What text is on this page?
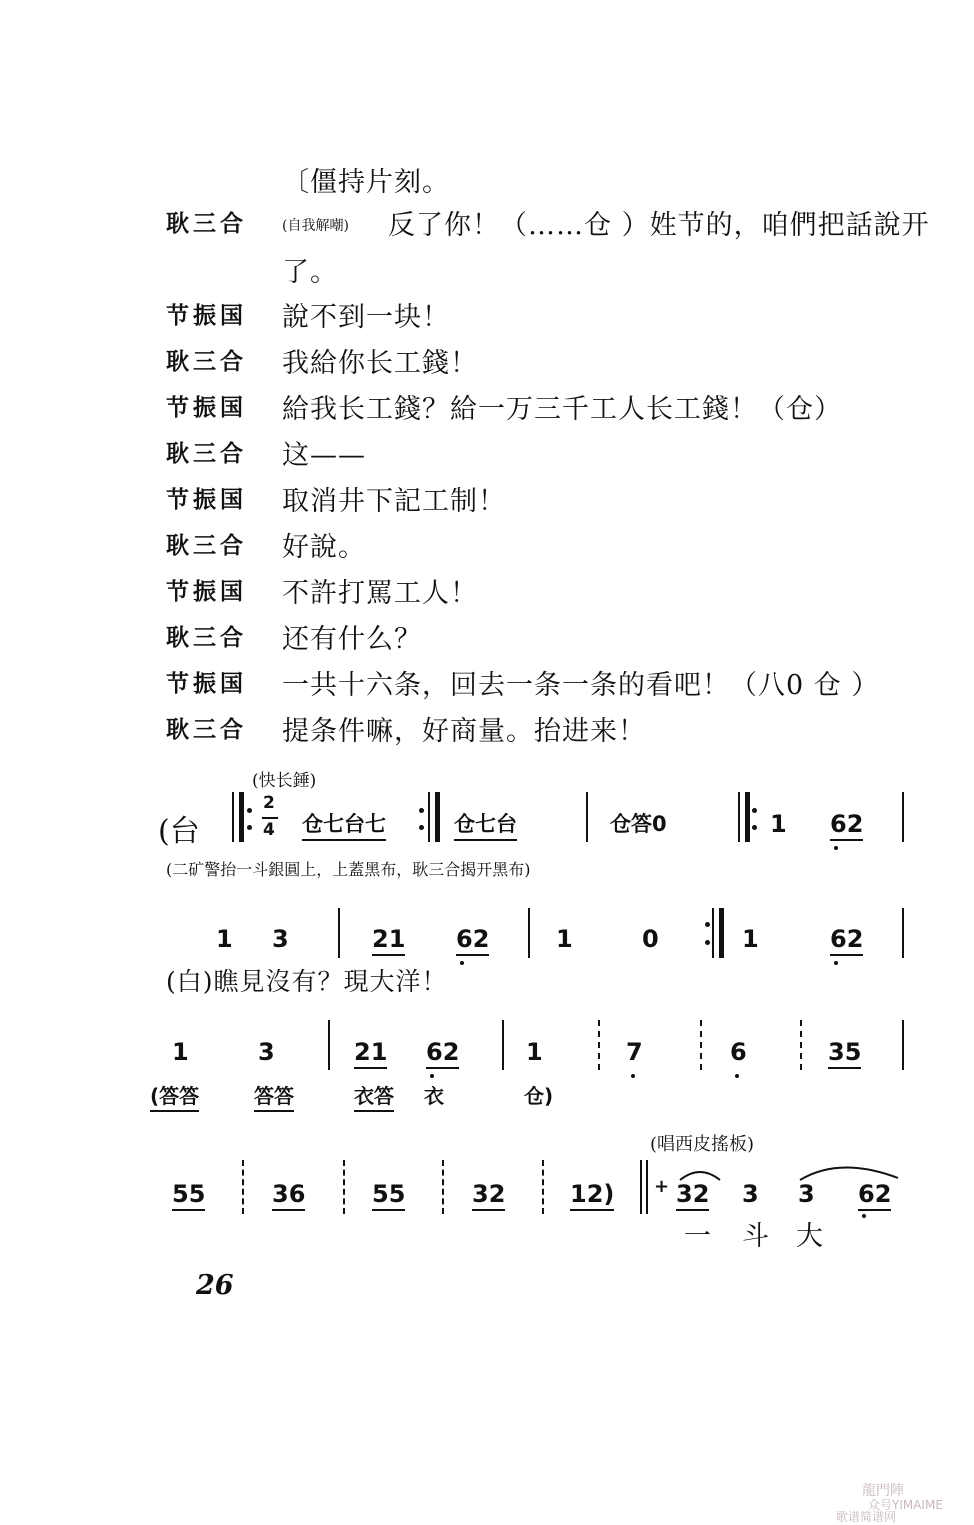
〔僵持片刻。
耿三合	(自我解嘲) 反了你！（……仓 ）姓节的，咱們把話說开
了。
节振国 說不到一块！
耿三合 我給你长工錢！
节振国 給我长工錢？給一万三千工人长工錢！（仓）
耿三合 这——
节振国 取消井下記工制！
耿三合 好說。
节振国 不許打罵工人！
耿三合 还有什么？
节振国 一共十六条，回去一条一条的看吧！（八0 仓 ）
耿三合 提条件嘛，好商量。抬进来！
(快长錘)
(台
2
4 仓七台七	仓七台	仓答0	1 62
(二矿警抬一斗銀圓上，上蓋黑布，耿三合揭开黑布)
1 3	21 62	1	0	1	62
(白)瞧見沒有？現大洋！
1	3	21 62	1	7	6	35
(答答	答答	衣答 衣	仓)
(唱西皮搖板)
55	36	55	32	12) + 32 3 3 62
一 斗 大
26
龍門陣
众号YIMAIME
歌谱简谱网
